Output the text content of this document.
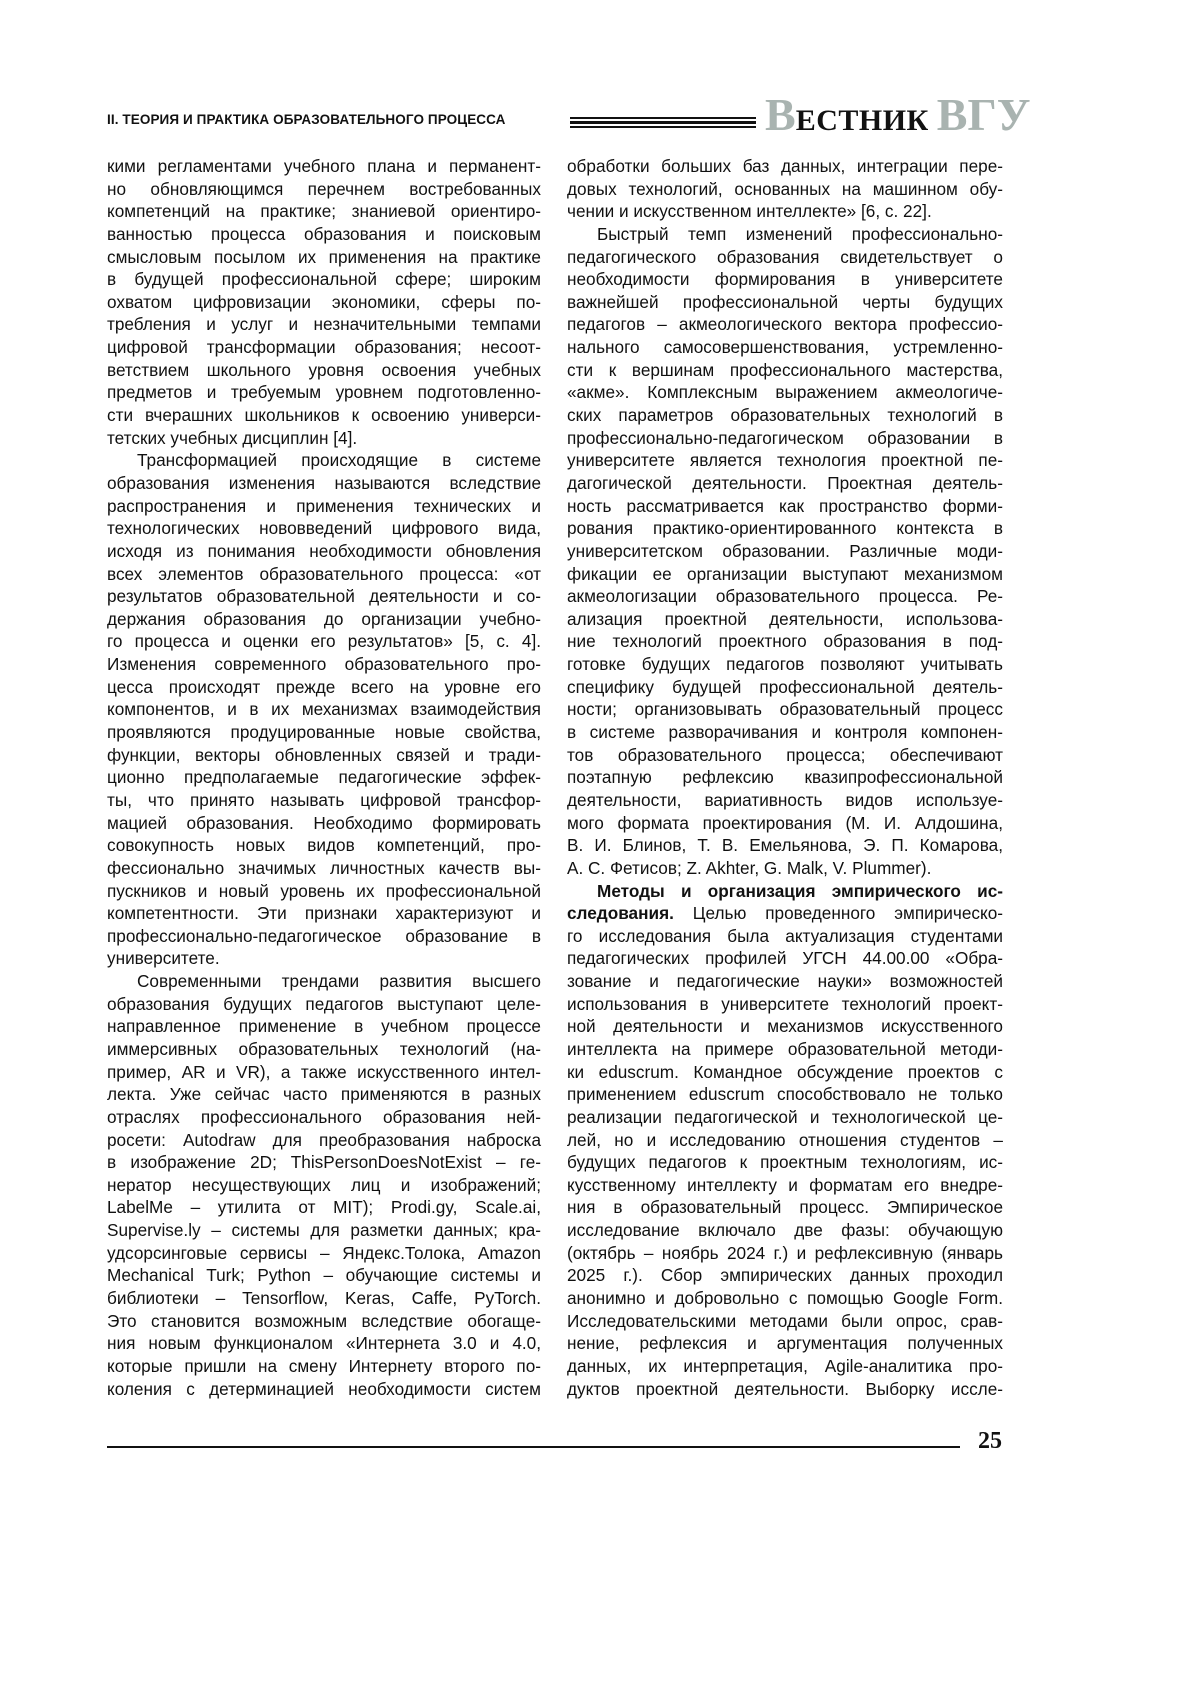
II. ТЕОРИЯ И ПРАКТИКА ОБРАЗОВАТЕЛЬНОГО ПРОЦЕССА	ВЕСТНИК ВГУ
кими регламентами учебного плана и перманент-
но обновляющимся перечнем востребованных
компетенций на практике; знаниевой ориентиро-
ванностью процесса образования и поисковым
смысловым посылом их применения на практике
в будущей профессиональной сфере; широким
охватом цифровизации экономики, сферы по-
требления и услуг и незначительными темпами
цифровой трансформации образования; несоот-
ветствием школьного уровня освоения учебных
предметов и требуемым уровнем подготовленно-
сти вчерашних школьников к освоению универси-
тетских учебных дисциплин [4].
Трансформацией происходящие в системе
образования изменения называются вследствие
распространения и применения технических и
технологических нововведений цифрового вида,
исходя из понимания необходимости обновления
всех элементов образовательного процесса: «от
результатов образовательной деятельности и со-
держания образования до организации учебно-
го процесса и оценки его результатов» [5, с. 4].
Изменения современного образовательного про-
цесса происходят прежде всего на уровне его
компонентов, и в их механизмах взаимодействия
проявляются продуцированные новые свойства,
функции, векторы обновленных связей и тради-
ционно предполагаемые педагогические эффек-
ты, что принято называть цифровой трансфор-
мацией образования. Необходимо формировать
совокупность новых видов компетенций, про-
фессионально значимых личностных качеств вы-
пускников и новый уровень их профессиональной
компетентности. Эти признаки характеризуют и
профессионально-педагогическое образование в
университете.
Современными трендами развития высшего
образования будущих педагогов выступают целе-
направленное применение в учебном процессе
иммерсивных образовательных технологий (на-
пример, AR и VR), а также искусственного интел-
лекта. Уже сейчас часто применяются в разных
отраслях профессионального образования ней-
росети: Autodraw для преобразования наброска
в изображение 2D; ThisPersonDoesNotExist – ге-
нератор несуществующих лиц и изображений;
LabelMe – утилита от MIT); Prodi.gy, Scale.ai,
Supervise.ly – системы для разметки данных; кра-
удсорсинговые сервисы – Яндекс.Толока, Amazon
Mechanical Turk; Python – обучающие системы и
библиотеки – Tensorflow, Keras, Caffe, PyTorch.
Это становится возможным вследствие обогаще-
ния новым функционалом «Интернета 3.0 и 4.0,
которые пришли на смену Интернету второго по-
коления с детерминацией необходимости систем
обработки больших баз данных, интеграции пере-
довых технологий, основанных на машинном обу-
чении и искусственном интеллекте» [6, с. 22].
Быстрый темп изменений профессионально-
педагогического образования свидетельствует о
необходимости формирования в университете
важнейшей профессиональной черты будущих
педагогов – акмеологического вектора профессио-
нального самосовершенствования, устремленно-
сти к вершинам профессионального мастерства,
«акме». Комплексным выражением акмеологиче-
ских параметров образовательных технологий в
профессионально-педагогическом образовании в
университете является технология проектной пе-
дагогической деятельности. Проектная деятель-
ность рассматривается как пространство форми-
рования практико-ориентированного контекста в
университетском образовании. Различные моди-
фикации ее организации выступают механизмом
акмеологизации образовательного процесса. Ре-
ализация проектной деятельности, использова-
ние технологий проектного образования в под-
готовке будущих педагогов позволяют учитывать
специфику будущей профессиональной деятель-
ности; организовывать образовательный процесс
в системе разворачивания и контроля компонен-
тов образовательного процесса; обеспечивают
поэтапную рефлексию квазипрофессиональной
деятельности, вариативность видов используе-
мого формата проектирования (М. И. Алдошина,
В. И. Блинов, Т. В. Емельянова, Э. П. Комарова,
А. С. Фетисов; Z. Akhter, G. Malk, V. Plummer).
Методы и организация эмпирического ис-
следования. Целью проведенного эмпирическо-
го исследования была актуализация студентами
педагогических профилей УГСН 44.00.00 «Обра-
зование и педагогические науки» возможностей
использования в университете технологий проект-
ной деятельности и механизмов искусственного
интеллекта на примере образовательной методи-
ки eduscrum. Командное обсуждение проектов с
применением eduscrum способствовало не только
реализации педагогической и технологической це-
лей, но и исследованию отношения студентов –
будущих педагогов к проектным технологиям, ис-
кусственному интеллекту и форматам его внедре-
ния в образовательный процесс. Эмпирическое
исследование включало две фазы: обучающую
(октябрь – ноябрь 2024 г.) и рефлексивную (январь
2025 г.). Сбор эмпирических данных проходил
анонимно и добровольно с помощью Google Form.
Исследовательскими методами были опрос, срав-
нение, рефлексия и аргументация полученных
данных, их интерпретация, Agile-аналитика про-
дуктов проектной деятельности. Выборку иссле-
25
